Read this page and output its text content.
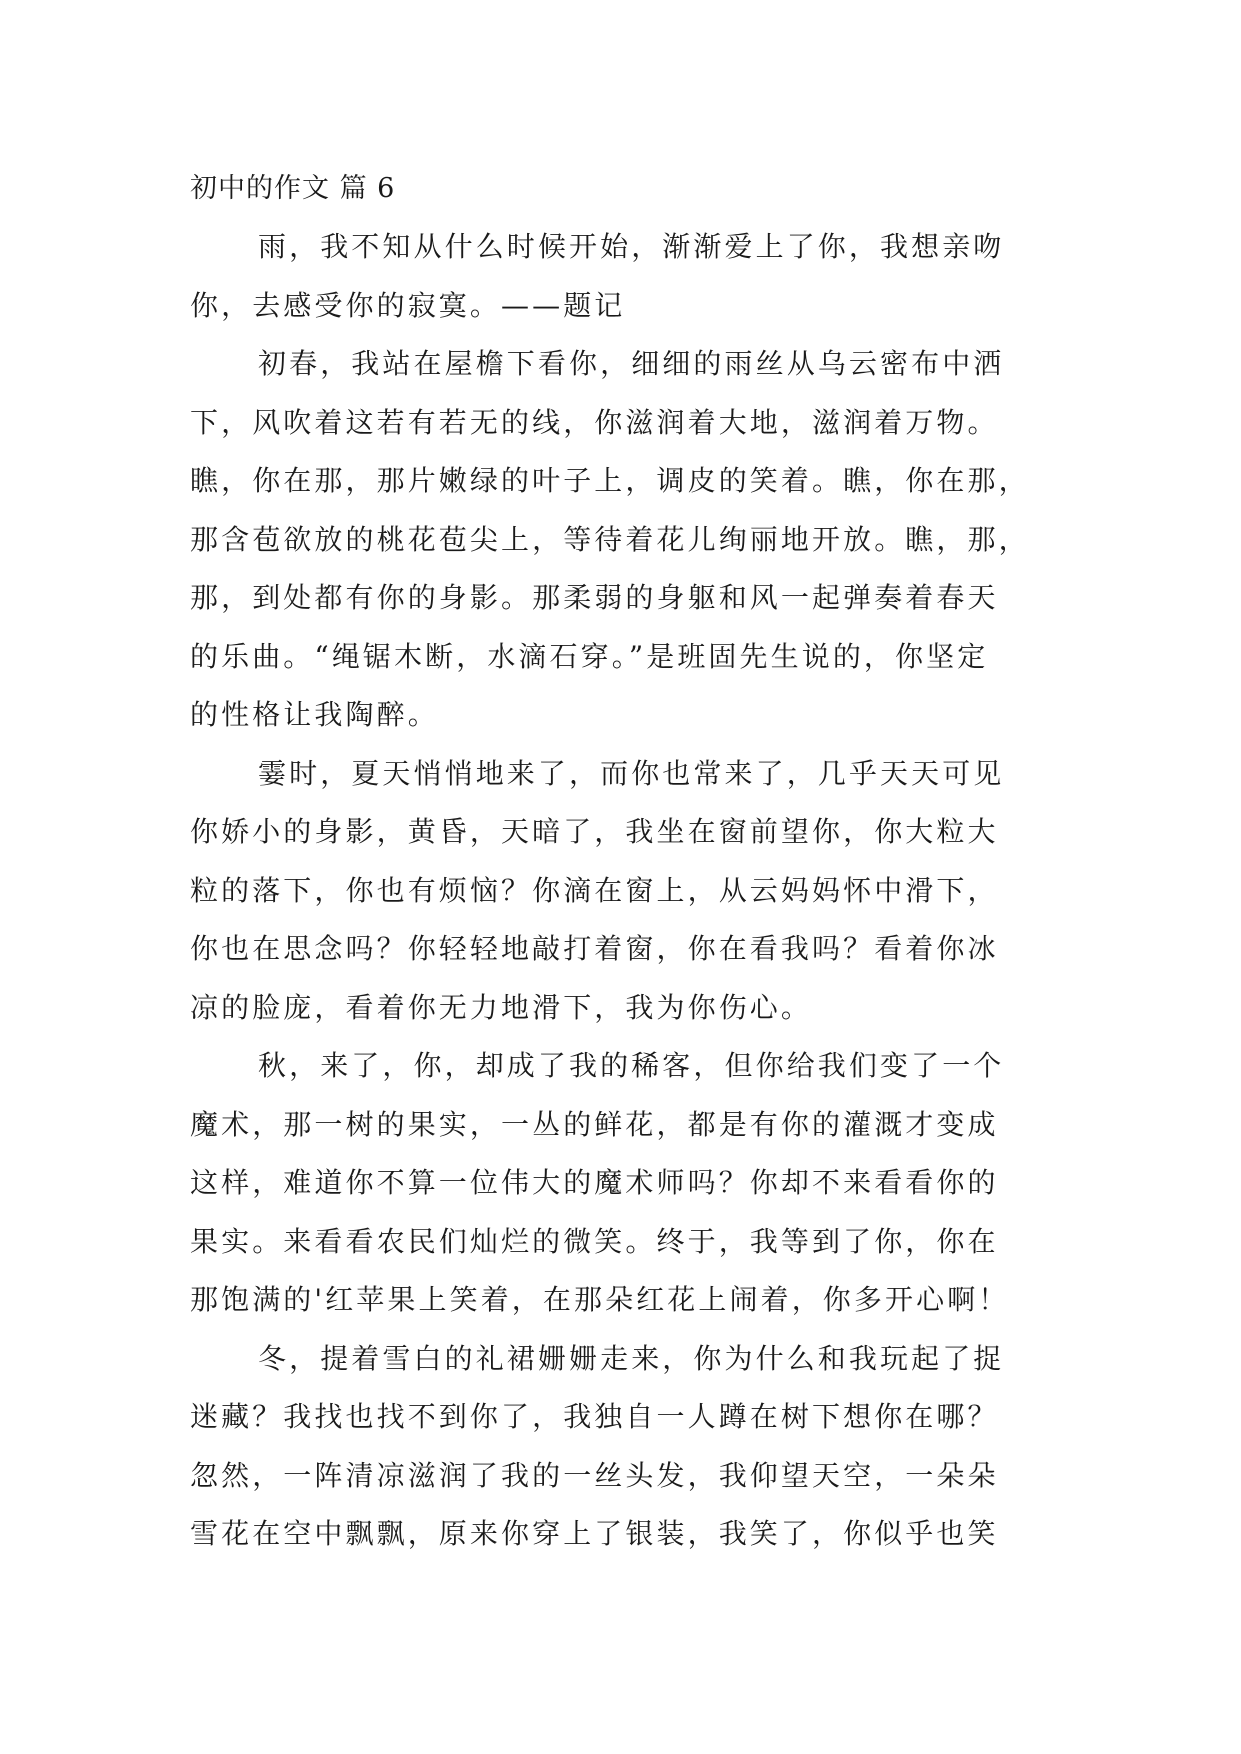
初中的作文 篇 6
雨，我不知从什么时候开始，渐渐爱上了你，我想亲吻
你，去感受你的寂寞。——题记
初春，我站在屋檐下看你，细细的雨丝从乌云密布中洒
下，风吹着这若有若无的线，你滋润着大地，滋润着万物。
瞧，你在那，那片嫩绿的叶子上，调皮的笑着。瞧，你在那，
那含苞欲放的桃花苞尖上，等待着花儿绚丽地开放。瞧，那，
那，到处都有你的身影。那柔弱的身躯和风一起弹奏着春天
的乐曲。“绳锯木断，水滴石穿。”是班固先生说的，你坚定
的性格让我陶醉。
霎时，夏天悄悄地来了，而你也常来了，几乎天天可见
你娇小的身影，黄昏，天暗了，我坐在窗前望你，你大粒大
粒的落下，你也有烦恼？你滴在窗上，从云妈妈怀中滑下，
你也在思念吗？你轻轻地敲打着窗，你在看我吗？看着你冰
凉的脸庞，看着你无力地滑下，我为你伤心。
秋，来了，你，却成了我的稀客，但你给我们变了一个
魔术，那一树的果实，一丛的鲜花，都是有你的灌溉才变成
这样，难道你不算一位伟大的魔术师吗？你却不来看看你的
果实。来看看农民们灿烂的微笑。终于，我等到了你，你在
那饱满的'红苹果上笑着，在那朵红花上闹着，你多开心啊！
冬，提着雪白的礼裙姗姗走来，你为什么和我玩起了捉
迷藏？我找也找不到你了，我独自一人蹲在树下想你在哪？
忽然，一阵清凉滋润了我的一丝头发，我仰望天空，一朵朵
雪花在空中飘飘，原来你穿上了银装，我笑了，你似乎也笑
